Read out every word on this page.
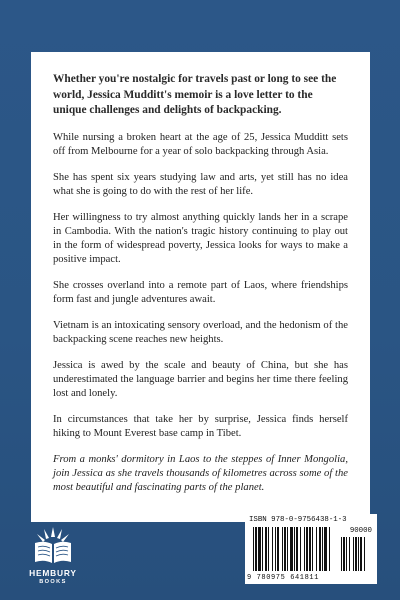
Whether you're nostalgic for travels past or long to see the world, Jessica Mudditt's memoir is a love letter to the unique challenges and delights of backpacking.

While nursing a broken heart at the age of 25, Jessica Mudditt sets off from Melbourne for a year of solo backpacking through Asia.

She has spent six years studying law and arts, yet still has no idea what she is going to do with the rest of her life.

Her willingness to try almost anything quickly lands her in a scrape in Cambodia. With the nation's tragic history continuing to play out in the form of widespread poverty, Jessica looks for ways to make a positive impact.

She crosses overland into a remote part of Laos, where friendships form fast and jungle adventures await.

Vietnam is an intoxicating sensory overload, and the hedonism of the backpacking scene reaches new heights.

Jessica is awed by the scale and beauty of China, but she has underestimated the language barrier and begins her time there feeling lost and lonely.

In circumstances that take her by surprise, Jessica finds herself hiking to Mount Everest base camp in Tibet.

From a monks' dormitory in Laos to the steppes of Inner Mongolia, join Jessica as she travels thousands of kilometres across some of the most beautiful and fascinating parts of the planet.

HEMBURY
BOOKS
ISBN 978-0-9756438-1-3
90000
9 780975 641811
